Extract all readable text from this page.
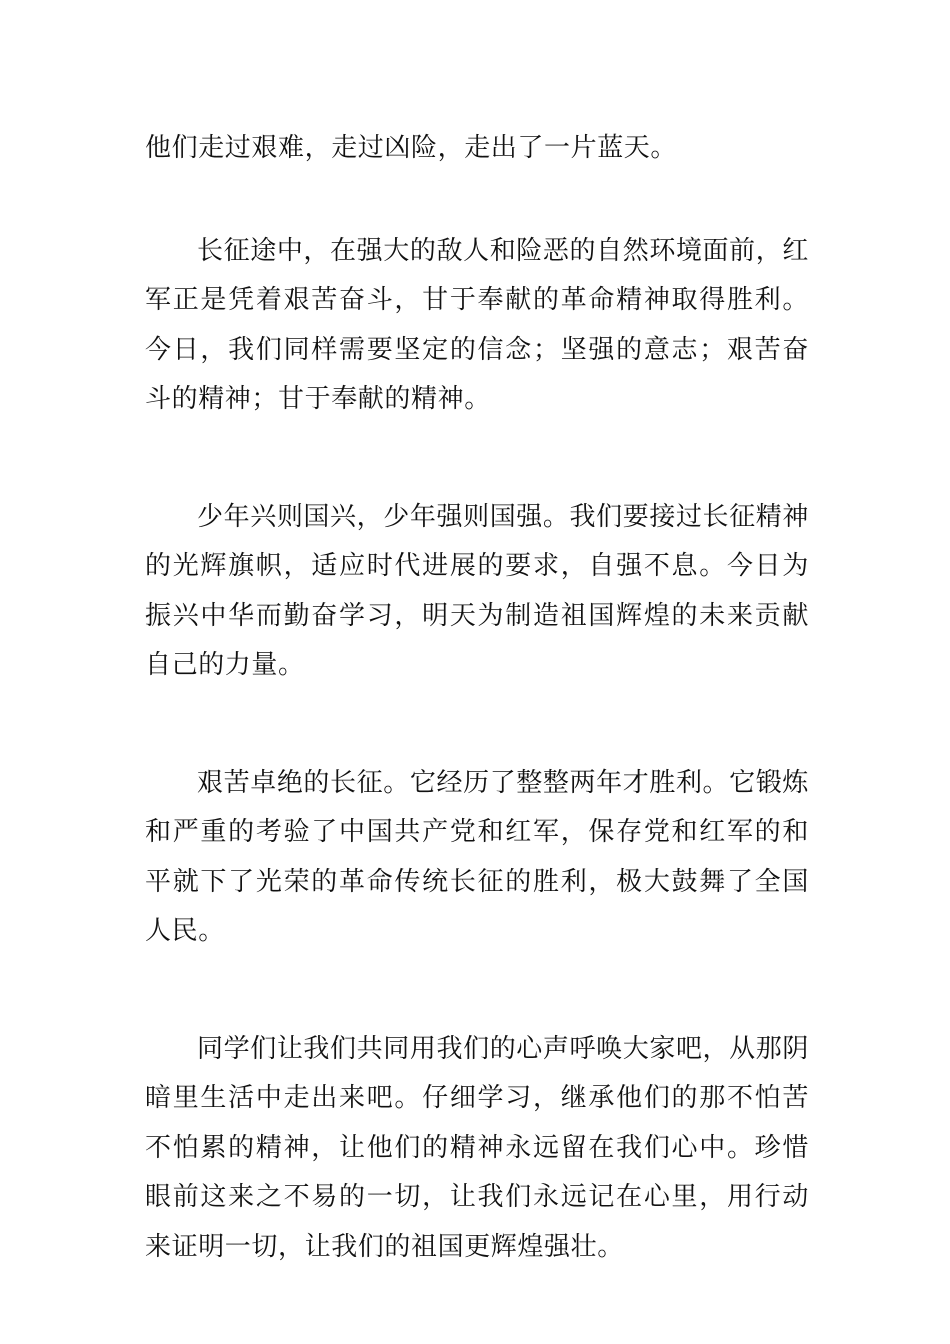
他们走过艰难，走过凶险，走出了一片蓝天。

长征途中，在强大的敌人和险恶的自然环境面前，红军正是凭着艰苦奋斗，甘于奉献的革命精神取得胜利。今日，我们同样需要坚定的信念；坚强的意志；艰苦奋斗的精神；甘于奉献的精神。

少年兴则国兴，少年强则国强。我们要接过长征精神的光辉旗帜，适应时代进展的要求，自强不息。今日为振兴中华而勤奋学习，明天为制造祖国辉煌的未来贡献自己的力量。

艰苦卓绝的长征。它经历了整整两年才胜利。它锻炼和严重的考验了中国共产党和红军，保存党和红军的和平就下了光荣的革命传统长征的胜利，极大鼓舞了全国人民。

同学们让我们共同用我们的心声呼唤大家吧，从那阴暗里生活中走出来吧。仔细学习，继承他们的那不怕苦不怕累的精神，让他们的精神永远留在我们心中。珍惜眼前这来之不易的一切，让我们永远记在心里，用行动来证明一切，让我们的祖国更辉煌强壮。
